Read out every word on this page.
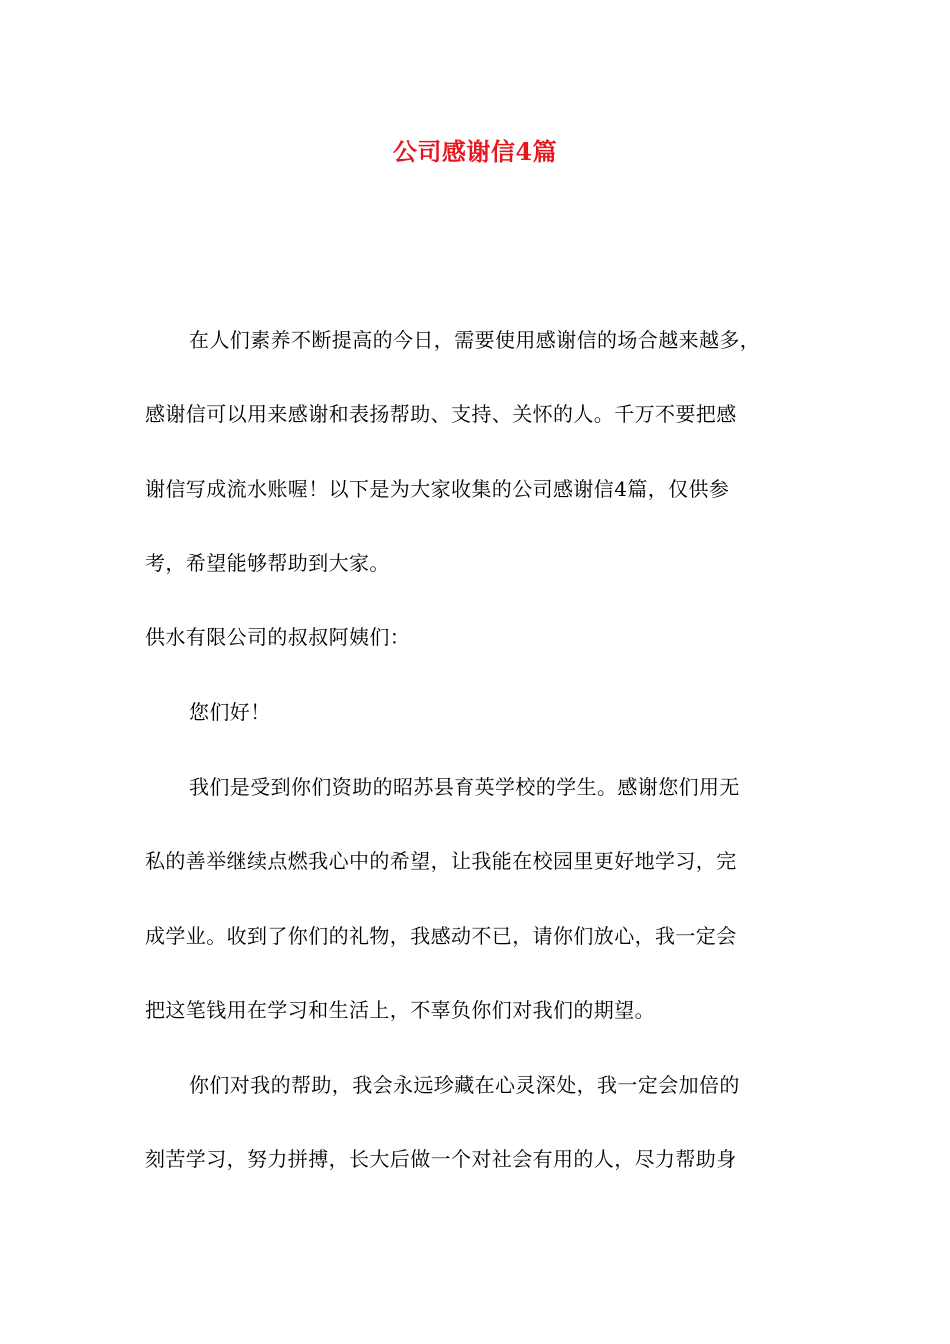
公司感谢信4篇
在人们素养不断提高的今日，需要使用感谢信的场合越来越多，
感谢信可以用来感谢和表扬帮助、支持、关怀的人。千万不要把感
谢信写成流水账喔！以下是为大家收集的公司感谢信4篇，仅供参
考，希望能够帮助到大家。
供水有限公司的叔叔阿姨们：
您们好！
我们是受到你们资助的昭苏县育英学校的学生。感谢您们用无
私的善举继续点燃我心中的希望，让我能在校园里更好地学习，完
成学业。收到了你们的礼物，我感动不已，请你们放心，我一定会
把这笔钱用在学习和生活上，不辜负你们对我们的期望。
你们对我的帮助，我会永远珍藏在心灵深处，我一定会加倍的
刻苦学习，努力拼搏，长大后做一个对社会有用的人，尽力帮助身
